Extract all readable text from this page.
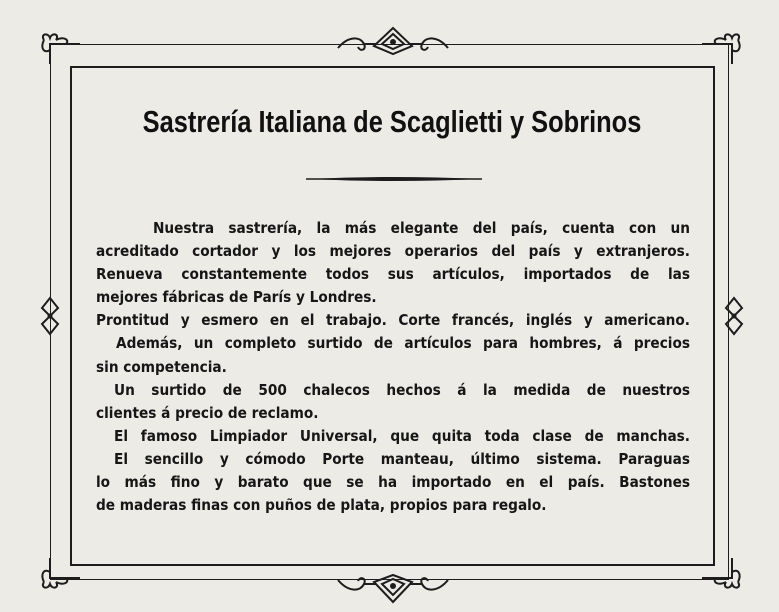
Sastrería Italiana de Scaglietti y Sobrinos
Nuestra sastrería, la más elegante del país, cuenta con un
acreditado cortador y los mejores operarios del país y extranjeros.
Renueva constantemente todos sus artículos, importados de las
mejores fábricas de París y Londres.
Prontitud y esmero en el trabajo. Corte francés, inglés y americano.
Además, un completo surtido de artículos para hombres, á precios
sin competencia.
Un surtido de 500 chalecos hechos á la medida de nuestros
clientes á precio de reclamo.
El famoso Limpiador Universal, que quita toda clase de manchas.
El sencillo y cómodo Porte manteau, último sistema. Paraguas
lo más fino y barato que se ha importado en el país. Bastones
de maderas finas con puños de plata, propios para regalo.
